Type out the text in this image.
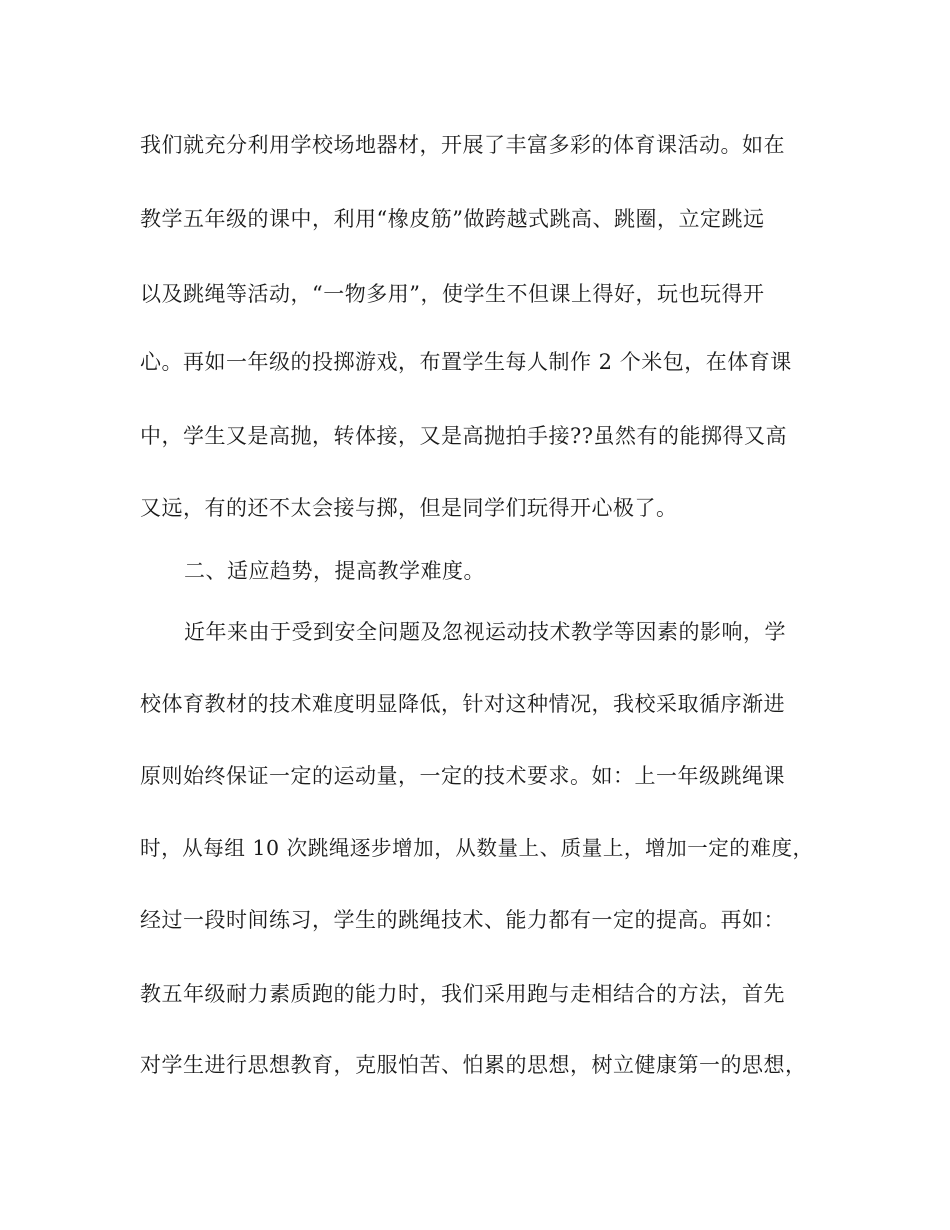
我们就充分利用学校场地器材，开展了丰富多彩的体育课活动。如在

教学五年级的课中，利用“橡皮筋”做跨越式跳高、跳圈，立定跳远

以及跳绳等活动，“一物多用”，使学生不但课上得好，玩也玩得开

心。再如一年级的投掷游戏，布置学生每人制作 2 个米包，在体育课

中，学生又是高抛，转体接，又是高抛拍手接??虽然有的能掷得又高

又远，有的还不太会接与掷，但是同学们玩得开心极了。

二、适应趋势，提高教学难度。

近年来由于受到安全问题及忽视运动技术教学等因素的影响，学

校体育教材的技术难度明显降低，针对这种情况，我校采取循序渐进

原则始终保证一定的运动量，一定的技术要求。如：上一年级跳绳课

时，从每组 10 次跳绳逐步增加，从数量上、质量上，增加一定的难度，

经过一段时间练习，学生的跳绳技术、能力都有一定的提高。再如：

教五年级耐力素质跑的能力时，我们采用跑与走相结合的方法，首先

对学生进行思想教育，克服怕苦、怕累的思想，树立健康第一的思想，
